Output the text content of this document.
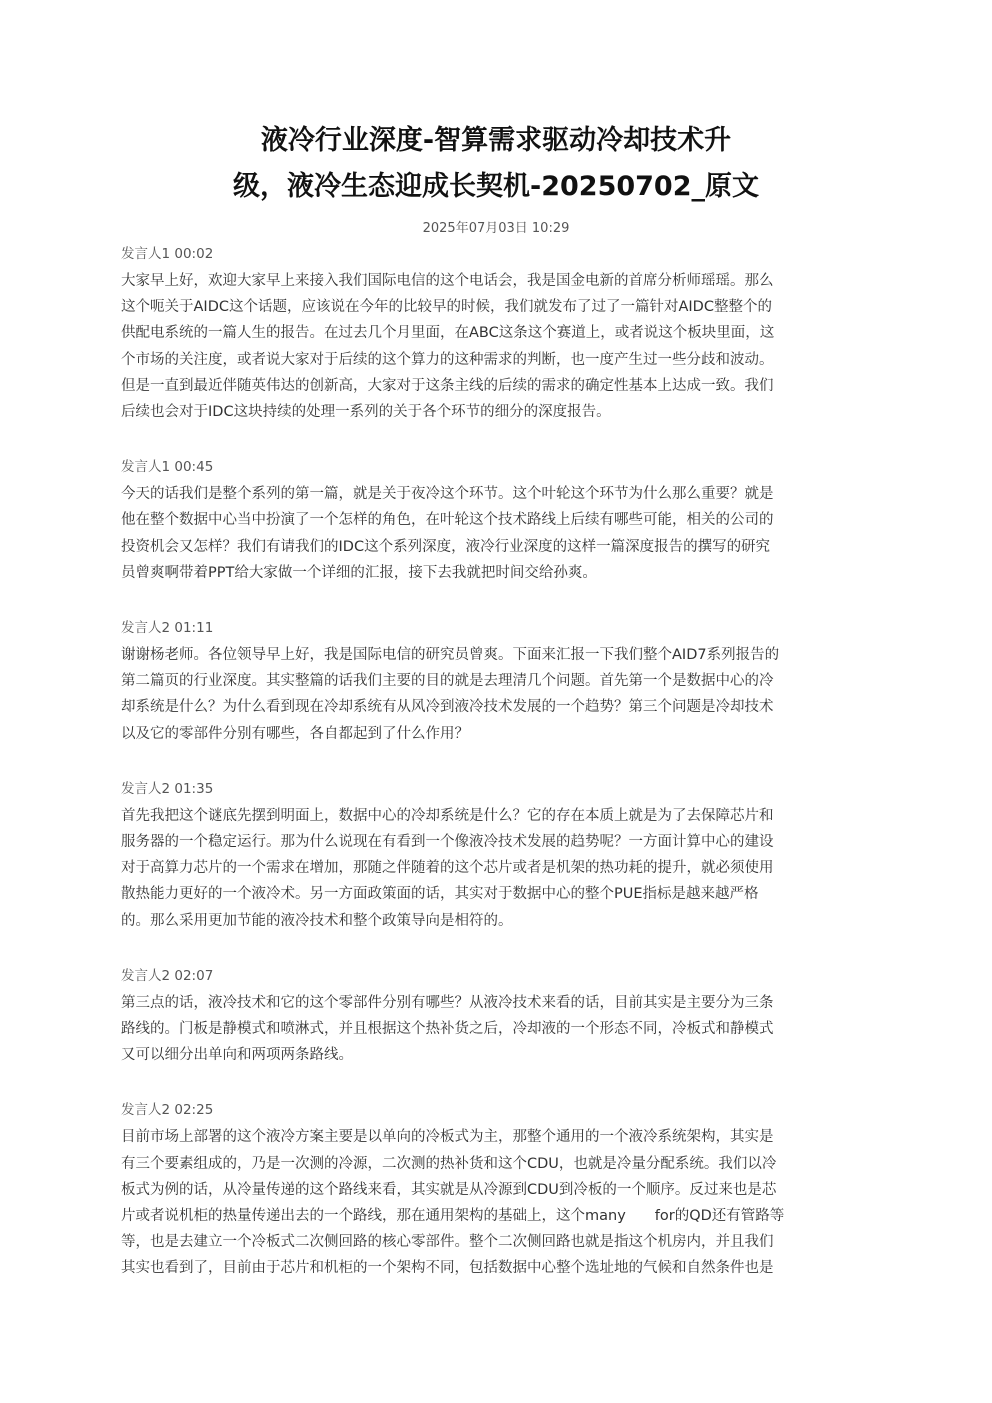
液冷行业深度-智算需求驱动冷却技术升
级，液冷生态迎成长契机-20250702_原文
2025年07月03日 10:29
发言人1 00:02
大家早上好，欢迎大家早上来接入我们国际电信的这个电话会，我是国金电新的首席分析师瑶瑶。那么
这个呃关于AIDC这个话题，应该说在今年的比较早的时候，我们就发布了过了一篇针对AIDC整整个的
供配电系统的一篇人生的报告。在过去几个月里面，在ABC这条这个赛道上，或者说这个板块里面，这
个市场的关注度，或者说大家对于后续的这个算力的这种需求的判断，也一度产生过一些分歧和波动。
但是一直到最近伴随英伟达的创新高，大家对于这条主线的后续的需求的确定性基本上达成一致。我们
后续也会对于IDC这块持续的处理一系列的关于各个环节的细分的深度报告。
发言人1 00:45
今天的话我们是整个系列的第一篇，就是关于夜冷这个环节。这个叶轮这个环节为什么那么重要？就是
他在整个数据中心当中扮演了一个怎样的角色，在叶轮这个技术路线上后续有哪些可能，相关的公司的
投资机会又怎样？我们有请我们的IDC这个系列深度，液冷行业深度的这样一篇深度报告的撰写的研究
员曾爽啊带着PPT给大家做一个详细的汇报，接下去我就把时间交给孙爽。
发言人2 01:11
谢谢杨老师。各位领导早上好，我是国际电信的研究员曾爽。下面来汇报一下我们整个AID7系列报告的
第二篇页的行业深度。其实整篇的话我们主要的目的就是去理清几个问题。首先第一个是数据中心的冷
却系统是什么？为什么看到现在冷却系统有从风冷到液冷技术发展的一个趋势？第三个问题是冷却技术
以及它的零部件分别有哪些，各自都起到了什么作用？
发言人2 01:35
首先我把这个谜底先摆到明面上，数据中心的冷却系统是什么？它的存在本质上就是为了去保障芯片和
服务器的一个稳定运行。那为什么说现在有看到一个像液冷技术发展的趋势呢？一方面计算中心的建设
对于高算力芯片的一个需求在增加，那随之伴随着的这个芯片或者是机架的热功耗的提升，就必须使用
散热能力更好的一个液冷术。另一方面政策面的话，其实对于数据中心的整个PUE指标是越来越严格
的。那么采用更加节能的液冷技术和整个政策导向是相符的。
发言人2 02:07
第三点的话，液冷技术和它的这个零部件分别有哪些？从液冷技术来看的话，目前其实是主要分为三条
路线的。门板是静模式和喷淋式，并且根据这个热补货之后，冷却液的一个形态不同，冷板式和静模式
又可以细分出单向和两项两条路线。
发言人2 02:25
目前市场上部署的这个液冷方案主要是以单向的冷板式为主，那整个通用的一个液冷系统架构，其实是
有三个要素组成的，乃是一次测的冷源，二次测的热补货和这个CDU，也就是冷量分配系统。我们以冷
板式为例的话，从冷量传递的这个路线来看，其实就是从冷源到CDU到冷板的一个顺序。反过来也是芯
片或者说机柜的热量传递出去的一个路线，那在通用架构的基础上，这个many　　for的QD还有管路等
等，也是去建立一个冷板式二次侧回路的核心零部件。整个二次侧回路也就是指这个机房内，并且我们
其实也看到了，目前由于芯片和机柜的一个架构不同，包括数据中心整个选址地的气候和自然条件也是
